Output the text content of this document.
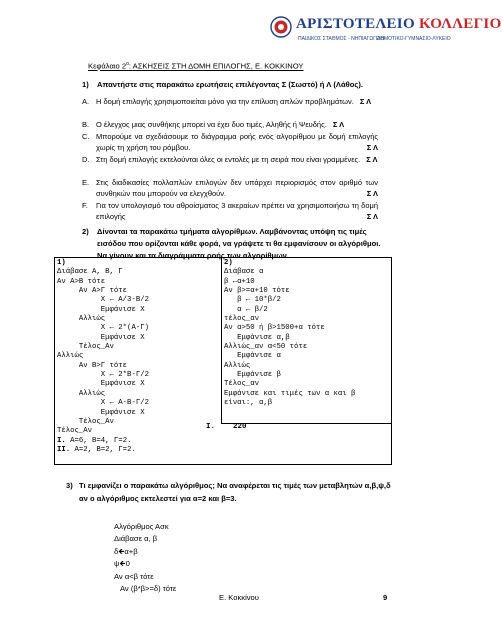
ΑΡΙΣΤΟΤΕΛΕΙΟ ΚΟΛΛΕΓΙΟ
ΠΑΙΔΙΚΟΣ ΣΤΑΘΜΟΣ - ΝΗΠΙΑΓΩΓΕΙΟ
ΔΗΜΟΤΙΚΟ-ΓΥΜΝΑΣΙΟ-ΛΥΚΕΙΟ
Κεφάλαιο $2^o$: ΑΣΚΗΣΕΙΣ ΣΤΗ ΔΟΜΗ ΕΠΙΛΟΓΗΣ, Ε. ΚΟΚΚΙΝΟΥ
1)	Απαντήστε στις παρακάτω ερωτήσεις επιλέγοντας Σ (Σωστό) ή Λ (Λάθος).
A. Η δομή επιλογής χρησιμοποιείται μόνο για την επίλυση απλών προβλημάτων. Σ Λ
B. Ο έλεγχος μιας συνθήκης μπορεί να έχει δυο τιμές, Αληθής ή Ψευδής. Σ Λ
C. Μπορούμε να σχεδιάσουμε το διάγραμμα ροής ενός αλγορίθμου με δομή επιλογής χωρίς τη χρήση του ρόμβου.	Σ Λ
D. Στη δομή επιλογής εκτελούνται όλες οι εντολές με τη σειρά που είναι γραμμένες. Σ Λ
E. Στις διαδικασίες πολλαπλών επιλογών δεν υπάρχει περιορισμός στον αριθμό των συνθηκών που μπορούν να ελεγχθούν.	Σ Λ
F.	Για τον υπολογισμό του αθροίσματος 3 ακεραίων πρέπει να χρησιμοποιήσω τη δομή επιλογής	Σ Λ
2)	Δίνονται τα παρακάτω τμήματα αλγορίθμων. Λαμβάνοντας υπόψη τις τιμές εισόδου που ορίζονται κάθε φορά, να γράψετε τι θα εμφανίσουν οι αλγόριθμοι. Να γίνουν και τα διαγράμματα ροής των αλγορίθμων.
1)
Διάβασε Α, Β, Γ
Αν Α>Β τότε
Αν Α>Γ τότε
Χ ← Α/3-Β/2
Εμφάνισε Χ
Αλλιώς
Χ ← 2*(Α-Γ)
Εμφάνισε Χ
Τέλος_Αν
Αλλιώς
Αν Β>Γ τότε
Χ ← 2*Β-Γ/2
Εμφάνισε Χ
Αλλιώς
Χ ← Α-Β-Γ/2
Εμφάνισε Χ
Τέλος_Αν
Τέλος_Αν
Ι. Α=6, Β=4, Γ=2.
ΙΙ. Α=2, Β=2, Γ=2.
2)
Διάβασε α
β ←α+10
Αν β>=α+10 τότε
β ← 10*β/2
α ← β/2
τέλος_αν
Αν α>50 ή β>1500+α τότε
Εμφάνισε α,β
Αλλιώς_αν α<50 τότε
Εμφάνισε α
Αλλιώς
Εμφάνισε β
Τέλος_αν
Εμφάνισε και τιμές των α και β
είναι:, α,β
Ι. 220
3) Τι εμφανίζει ο παρακάτω αλγόριθμος; Να αναφέρεται τις τιμές των μεταβλητών α,β,ψ,δ αν ο αλγόριθμος εκτελεστεί για α=2 και β=3.
Αλγόριθμος Ασκ
Διάβασε α, β
δ🡸α+β
ψ🡸0
Αν α<β τότε
Αν (β*β>=δ) τότε
Ε. Κοκκίνου	9
